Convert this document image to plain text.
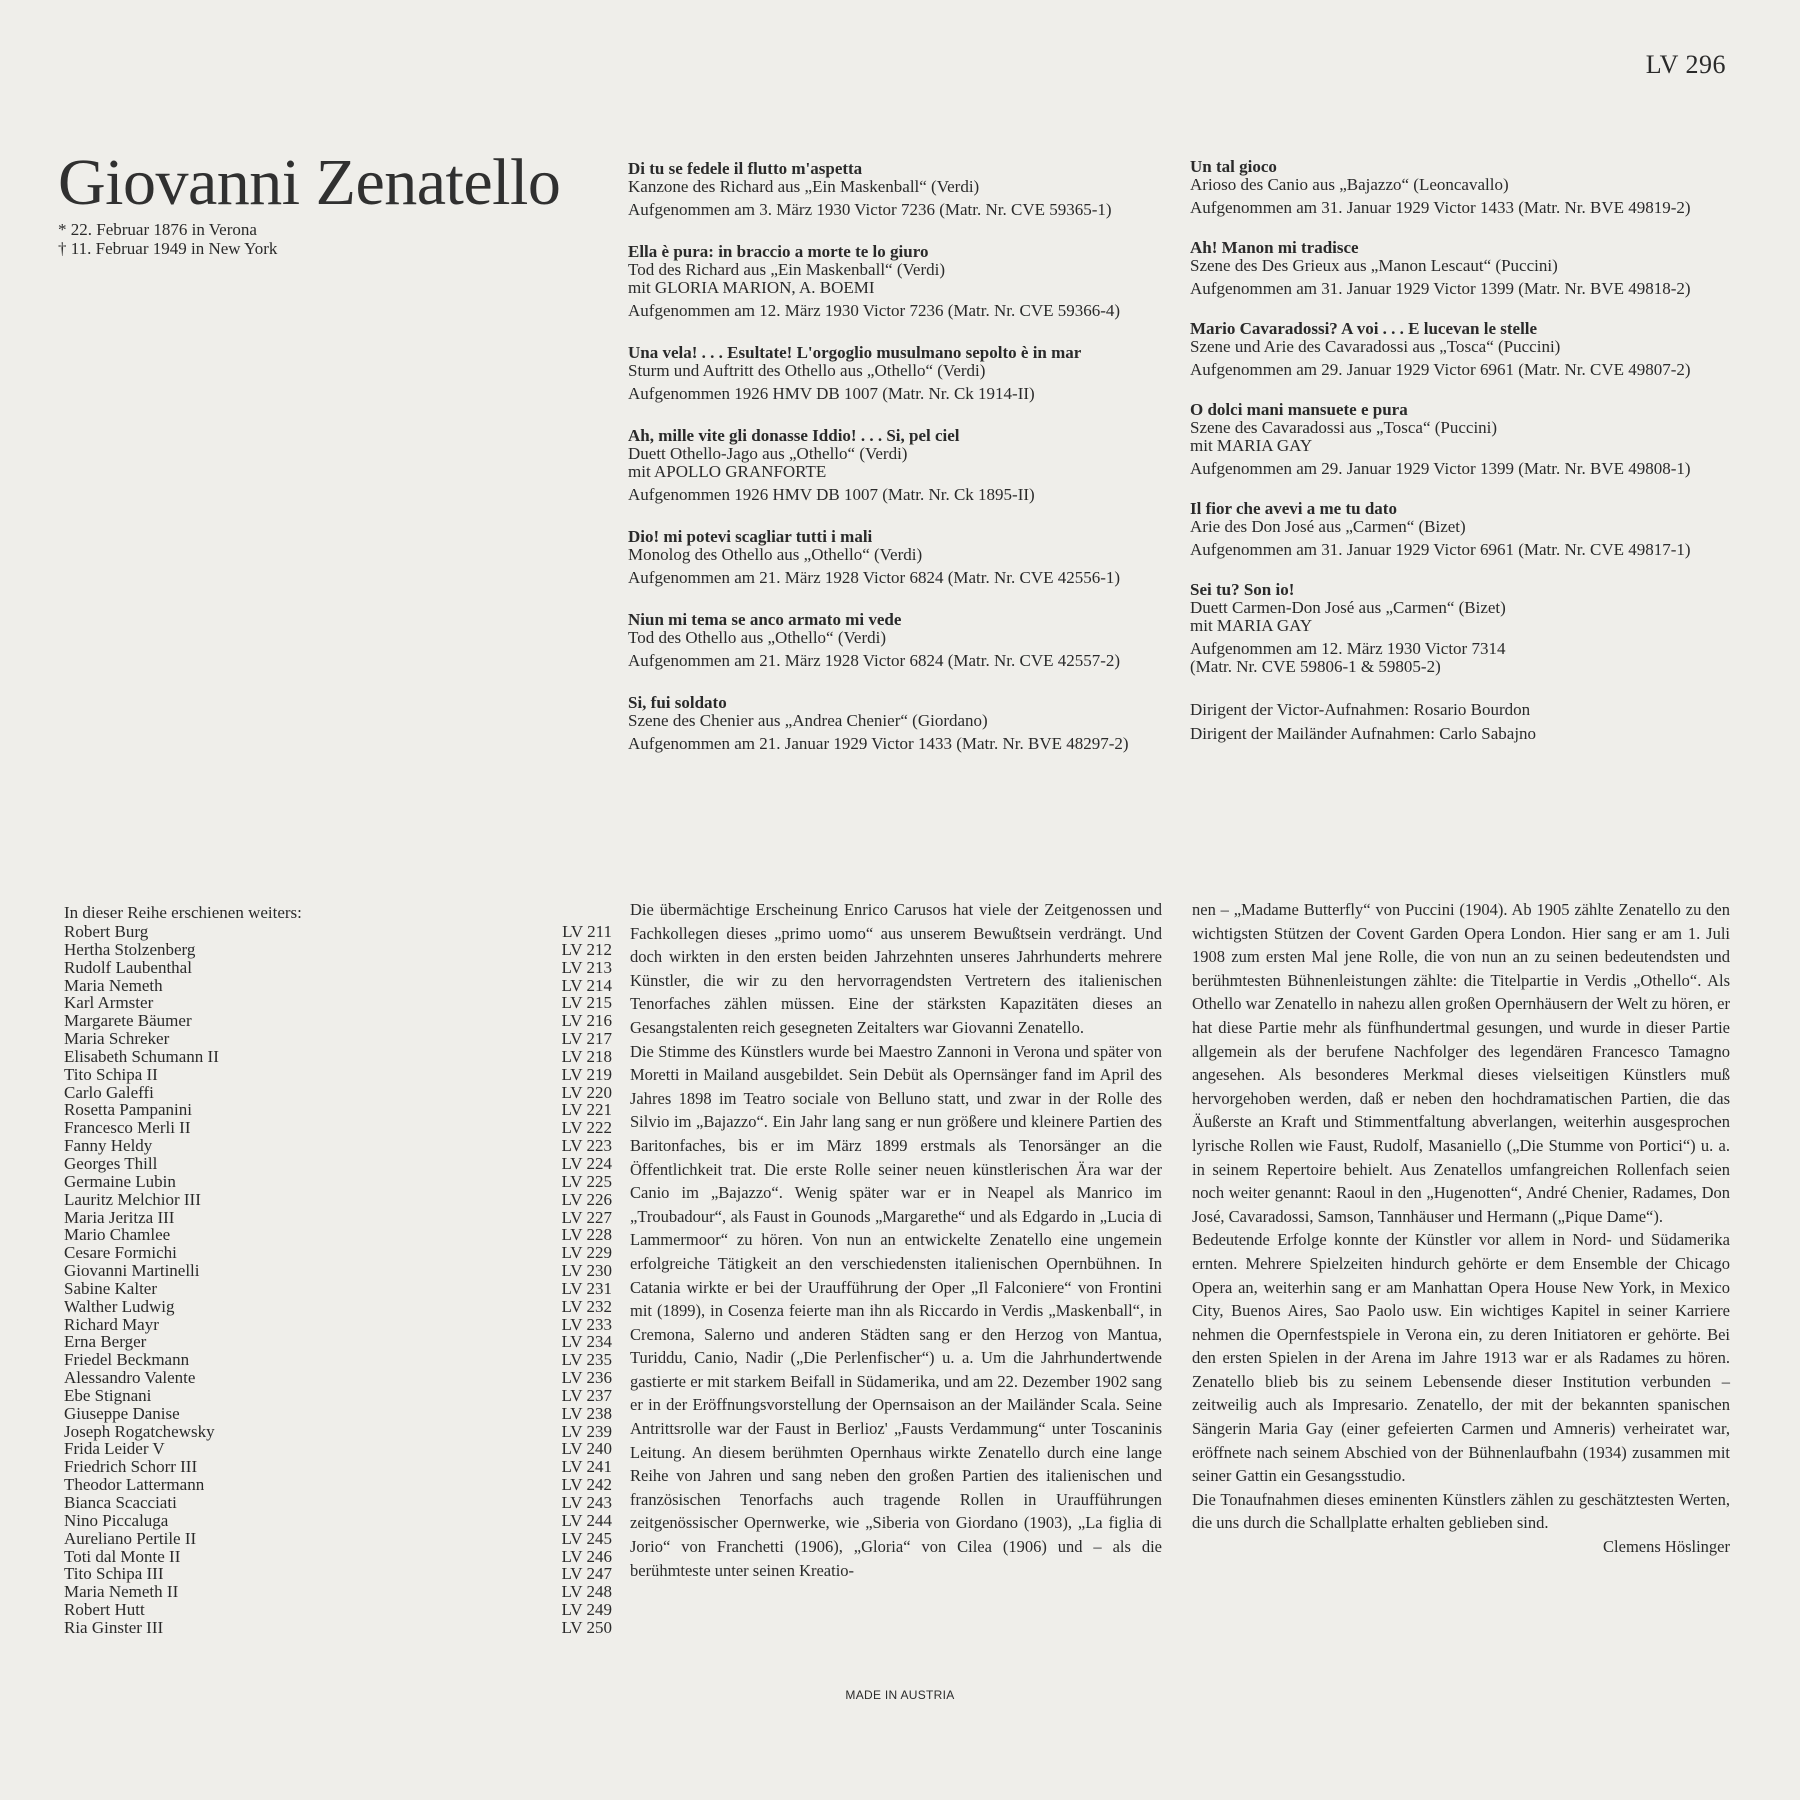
LV 296
Giovanni Zenatello
* 22. Februar 1876 in Verona
† 11. Februar 1949 in New York
Di tu se fedele il flutto m'aspetta
Kanzone des Richard aus „Ein Maskenball“ (Verdi)
Aufgenommen am 3. März 1930 Victor 7236 (Matr. Nr. CVE 59365-1)
Ella è pura: in braccio a morte te lo giuro
Tod des Richard aus „Ein Maskenball“ (Verdi)
mit GLORIA MARION, A. BOEMI
Aufgenommen am 12. März 1930 Victor 7236 (Matr. Nr. CVE 59366-4)
Una vela! . . . Esultate! L'orgoglio musulmano sepolto è in mar
Sturm und Auftritt des Othello aus „Othello“ (Verdi)
Aufgenommen 1926 HMV DB 1007 (Matr. Nr. Ck 1914-II)
Ah, mille vite gli donasse Iddio! . . . Si, pel ciel
Duett Othello-Jago aus „Othello“ (Verdi)
mit APOLLO GRANFORTE
Aufgenommen 1926 HMV DB 1007 (Matr. Nr. Ck 1895-II)
Dio! mi potevi scagliar tutti i mali
Monolog des Othello aus „Othello“ (Verdi)
Aufgenommen am 21. März 1928 Victor 6824 (Matr. Nr. CVE 42556-1)
Niun mi tema se anco armato mi vede
Tod des Othello aus „Othello“ (Verdi)
Aufgenommen am 21. März 1928 Victor 6824 (Matr. Nr. CVE 42557-2)
Si, fui soldato
Szene des Chenier aus „Andrea Chenier“ (Giordano)
Aufgenommen am 21. Januar 1929 Victor 1433 (Matr. Nr. BVE 48297-2)
Un tal gioco
Arioso des Canio aus „Bajazzo“ (Leoncavallo)
Aufgenommen am 31. Januar 1929 Victor 1433 (Matr. Nr. BVE 49819-2)
Ah! Manon mi tradisce
Szene des Des Grieux aus „Manon Lescaut“ (Puccini)
Aufgenommen am 31. Januar 1929 Victor 1399 (Matr. Nr. BVE 49818-2)
Mario Cavaradossi? A voi . . . E lucevan le stelle
Szene und Arie des Cavaradossi aus „Tosca“ (Puccini)
Aufgenommen am 29. Januar 1929 Victor 6961 (Matr. Nr. CVE 49807-2)
O dolci mani mansuete e pura
Szene des Cavaradossi aus „Tosca“ (Puccini)
mit MARIA GAY
Aufgenommen am 29. Januar 1929 Victor 1399 (Matr. Nr. BVE 49808-1)
Il fior che avevi a me tu dato
Arie des Don José aus „Carmen“ (Bizet)
Aufgenommen am 31. Januar 1929 Victor 6961 (Matr. Nr. CVE 49817-1)
Sei tu? Son io!
Duett Carmen-Don José aus „Carmen“ (Bizet)
mit MARIA GAY
Aufgenommen am 12. März 1930 Victor 7314
(Matr. Nr. CVE 59806-1 & 59805-2)
Dirigent der Victor-Aufnahmen: Rosario Bourdon
Dirigent der Mailänder Aufnahmen: Carlo Sabajno
In dieser Reihe erschienen weiters:
Robert Burg	LV 211
Hertha Stolzenberg	LV 212
Rudolf Laubenthal	LV 213
Maria Nemeth	LV 214
Karl Armster	LV 215
Margarete Bäumer	LV 216
Maria Schreker	LV 217
Elisabeth Schumann II	LV 218
Tito Schipa II	LV 219
Carlo Galeffi	LV 220
Rosetta Pampanini	LV 221
Francesco Merli II	LV 222
Fanny Heldy	LV 223
Georges Thill	LV 224
Germaine Lubin	LV 225
Lauritz Melchior III	LV 226
Maria Jeritza III	LV 227
Mario Chamlee	LV 228
Cesare Formichi	LV 229
Giovanni Martinelli	LV 230
Sabine Kalter	LV 231
Walther Ludwig	LV 232
Richard Mayr	LV 233
Erna Berger	LV 234
Friedel Beckmann	LV 235
Alessandro Valente	LV 236
Ebe Stignani	LV 237
Giuseppe Danise	LV 238
Joseph Rogatchewsky	LV 239
Frida Leider V	LV 240
Friedrich Schorr III	LV 241
Theodor Lattermann	LV 242
Bianca Scacciati	LV 243
Nino Piccaluga	LV 244
Aureliano Pertile II	LV 245
Toti dal Monte II	LV 246
Tito Schipa III	LV 247
Maria Nemeth II	LV 248
Robert Hutt	LV 249
Ria Ginster III	LV 250

Die übermächtige Erscheinung Enrico Carusos hat viele der Zeitgenossen und Fachkollegen dieses „primo uomo“ aus unserem Bewußtsein verdrängt. Und doch wirkten in den ersten beiden Jahrzehnten unseres Jahrhunderts mehrere Künstler, die wir zu den hervorragendsten Vertretern des italienischen Tenorfaches zählen müssen. Eine der stärksten Kapazitäten dieses an Gesangstalenten reich gesegneten Zeitalters war Giovanni Zenatello.

Die Stimme des Künstlers wurde bei Maestro Zannoni in Verona und später von Moretti in Mailand ausgebildet. Sein Debüt als Opernsänger fand im April des Jahres 1898 im Teatro sociale von Belluno statt, und zwar in der Rolle des Silvio im „Bajazzo“. Ein Jahr lang sang er nun größere und kleinere Partien des Baritonfaches, bis er im März 1899 erstmals als Tenorsänger an die Öffentlichkeit trat. Die erste Rolle seiner neuen künstlerischen Ära war der Canio im „Bajazzo“. Wenig später war er in Neapel als Manrico im „Troubadour“, als Faust in Gounods „Margarethe“ und als Edgardo in „Lucia di Lammermoor“ zu hören. Von nun an entwickelte Zenatello eine ungemein erfolgreiche Tätigkeit an den verschiedensten italienischen Opernbühnen. In Catania wirkte er bei der Uraufführung der Oper „Il Falconiere“ von Frontini mit (1899), in Cosenza feierte man ihn als Riccardo in Verdis „Maskenball“, in Cremona, Salerno und anderen Städten sang er den Herzog von Mantua, Turiddu, Canio, Nadir („Die Perlenfischer“) u. a. Um die Jahrhundertwende gastierte er mit starkem Beifall in Südamerika, und am 22. Dezember 1902 sang er in der Eröffnungsvorstellung der Opernsaison an der Mailänder Scala. Seine Antrittsrolle war der Faust in Berlioz' „Fausts Verdammung“ unter Toscaninis Leitung. An diesem berühmten Opernhaus wirkte Zenatello durch eine lange Reihe von Jahren und sang neben den großen Partien des italienischen und französischen Tenorfachs auch tragende Rollen in Uraufführungen zeitgenössischer Opernwerke, wie „Siberia von Giordano (1903), „La figlia di Jorio“ von Franchetti (1906), „Gloria“ von Cilea (1906) und – als die berühmteste unter seinen Kreatio-

nen – „Madame Butterfly“ von Puccini (1904). Ab 1905 zählte Zenatello zu den wichtigsten Stützen der Covent Garden Opera London. Hier sang er am 1. Juli 1908 zum ersten Mal jene Rolle, die von nun an zu seinen bedeutendsten und berühmtesten Bühnenleistungen zählte: die Titelpartie in Verdis „Othello“. Als Othello war Zenatello in nahezu allen großen Opernhäusern der Welt zu hören, er hat diese Partie mehr als fünfhundertmal gesungen, und wurde in dieser Partie allgemein als der berufene Nachfolger des legendären Francesco Tamagno angesehen. Als besonderes Merkmal dieses vielseitigen Künstlers muß hervorgehoben werden, daß er neben den hochdramatischen Partien, die das Äußerste an Kraft und Stimmentfaltung abverlangen, weiterhin ausgesprochen lyrische Rollen wie Faust, Rudolf, Masaniello („Die Stumme von Portici“) u. a. in seinem Repertoire behielt. Aus Zenatellos umfangreichen Rollenfach seien noch weiter genannt: Raoul in den „Hugenotten“, André Chenier, Radames, Don José, Cavaradossi, Samson, Tannhäuser und Hermann („Pique Dame“).

Bedeutende Erfolge konnte der Künstler vor allem in Nord- und Südamerika ernten. Mehrere Spielzeiten hindurch gehörte er dem Ensemble der Chicago Opera an, weiterhin sang er am Manhattan Opera House New York, in Mexico City, Buenos Aires, Sao Paolo usw. Ein wichtiges Kapitel in seiner Karriere nehmen die Opernfestspiele in Verona ein, zu deren Initiatoren er gehörte. Bei den ersten Spielen in der Arena im Jahre 1913 war er als Radames zu hören. Zenatello blieb bis zu seinem Lebensende dieser Institution verbunden – zeitweilig auch als Impresario. Zenatello, der mit der bekannten spanischen Sängerin Maria Gay (einer gefeierten Carmen und Amneris) verheiratet war, eröffnete nach seinem Abschied von der Bühnenlaufbahn (1934) zusammen mit seiner Gattin ein Gesangsstudio.

Die Tonaufnahmen dieses eminenten Künstlers zählen zu geschätztesten Werten, die uns durch die Schallplatte erhalten geblieben sind.

Clemens Höslinger
MADE IN AUSTRIA
